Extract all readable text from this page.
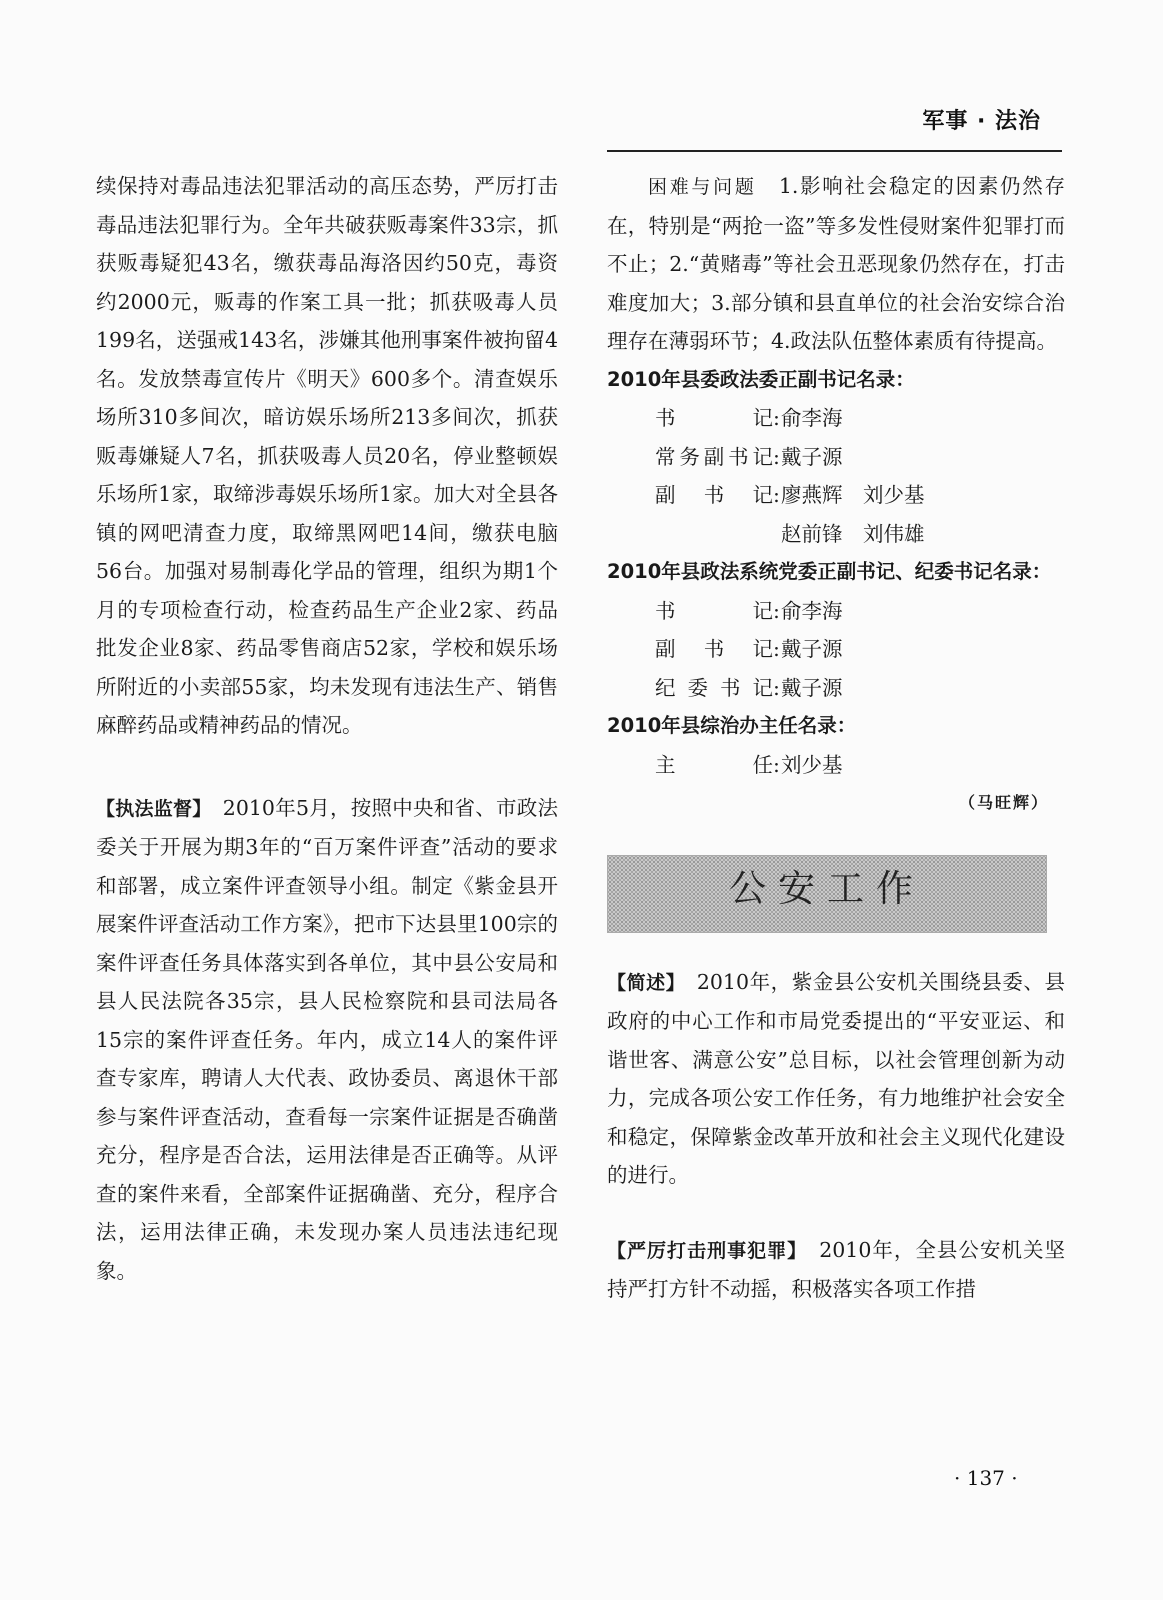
军事 · 法治

续保持对毒品违法犯罪活动的高压态势，严厉打击毒品违法犯罪行为。全年共破获贩毒案件33宗，抓获贩毒疑犯43名，缴获毒品海洛因约50克，毒资约2000元，贩毒的作案工具一批；抓获吸毒人员199名，送强戒143名，涉嫌其他刑事案件被拘留4名。发放禁毒宣传片《明天》600多个。清查娱乐场所310多间次，暗访娱乐场所213多间次，抓获贩毒嫌疑人7名，抓获吸毒人员20名，停业整顿娱乐场所1家，取缔涉毒娱乐场所1家。加大对全县各镇的网吧清查力度，取缔黑网吧14间，缴获电脑56台。加强对易制毒化学品的管理，组织为期1个月的专项检查行动，检查药品生产企业2家、药品批发企业8家、药品零售商店52家，学校和娱乐场所附近的小卖部55家，均未发现有违法生产、销售麻醉药品或精神药品的情况。

【执法监督】　 2010年5月，按照中央和省、市政法委关于开展为期3年的“百万案件评查”活动的要求和部署，成立案件评查领导小组。制定《紫金县开展案件评查活动工作方案》，把市下达县里100宗的案件评查任务具体落实到各单位，其中县公安局和县人民法院各35宗，县人民检察院和县司法局各15宗的案件评查任务。年内，成立14人的案件评查专家库，聘请人大代表、政协委员、离退休干部参与案件评查活动，查看每一宗案件证据是否确凿充分，程序是否合法，运用法律是否正确等。从评查的案件来看，全部案件证据确凿、充分，程序合法，运用法律正确，未发现办案人员违法违纪现象。

困难与问题　 1.影响社会稳定的因素仍然存在，特别是“两抢一盗”等多发性侵财案件犯罪打而不止；2.“黄赌毒”等社会丑恶现象仍然存在，打击难度加大；3.部分镇和县直单位的社会治安综合治理存在薄弱环节；4.政法队伍整体素质有待提高。

2010年县委政法委正副书记名录：

书	记 : 俞李海
常 务 副 书 记 : 戴子源
副 书 记 : 廖燕辉　刘少基
赵前锋　刘伟雄

2010年县政法系统党委正副书记、纪委书记名录：

书	记 : 俞李海
副 书 记 : 戴子源
纪 委 书 记 : 戴子源

2010年县综治办主任名录：

主	任 : 刘少基

（马旺辉）

公安工作

【简述】　 2010年，紫金县公安机关围绕县委、县政府的中心工作和市局党委提出的“平安亚运、和谐世客、满意公安”总目标，以社会管理创新为动力，完成各项公安工作任务，有力地维护社会安全和稳定，保障紫金改革开放和社会主义现代化建设的进行。

【严厉打击刑事犯罪】　 2010年，全县公安机关坚持严打方针不动摇，积极落实各项工作措

· 137 ·
